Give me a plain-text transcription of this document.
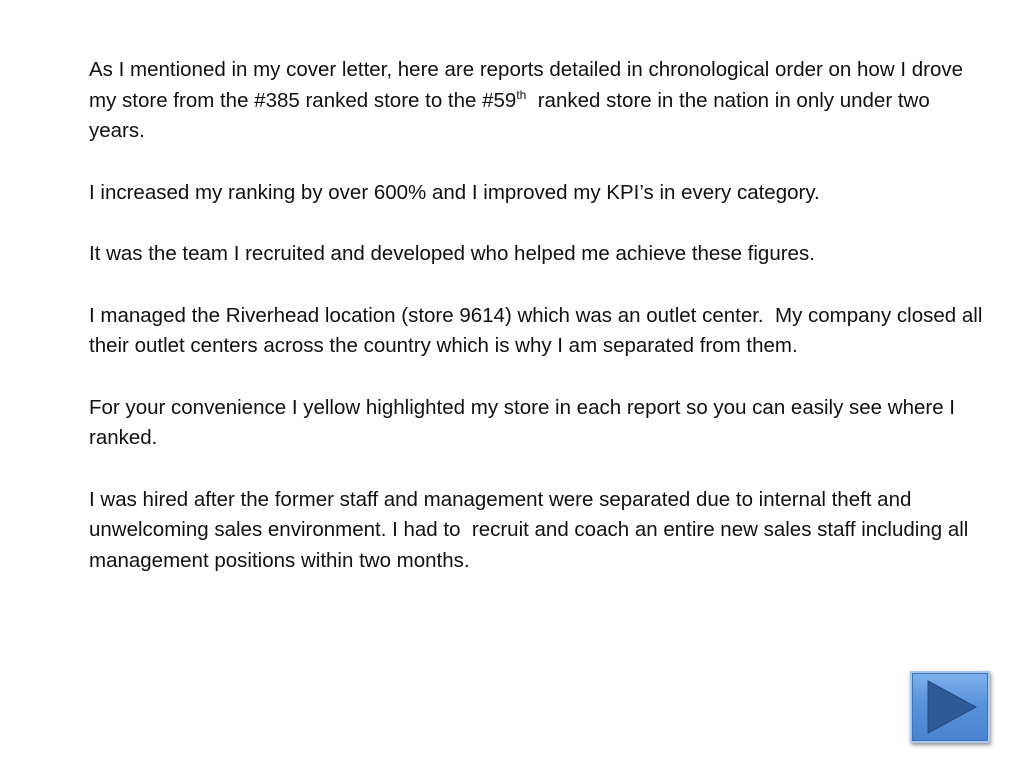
As I mentioned in my cover letter, here are reports detailed in chronological order on how I drove my store from the #385 ranked store to the #59th  ranked store in the nation in only under two years.

I increased my ranking by over 600% and I improved my KPI’s in every category.

It was the team I recruited and developed who helped me achieve these figures.

I managed the Riverhead location (store 9614) which was an outlet center.  My company closed all their outlet centers across the country which is why I am separated from them.

For your convenience I yellow highlighted my store in each report so you can easily see where I ranked.

I was hired after the former staff and management were separated due to internal theft and unwelcoming sales environment. I had to  recruit and coach an entire new sales staff including all management positions within two months.
